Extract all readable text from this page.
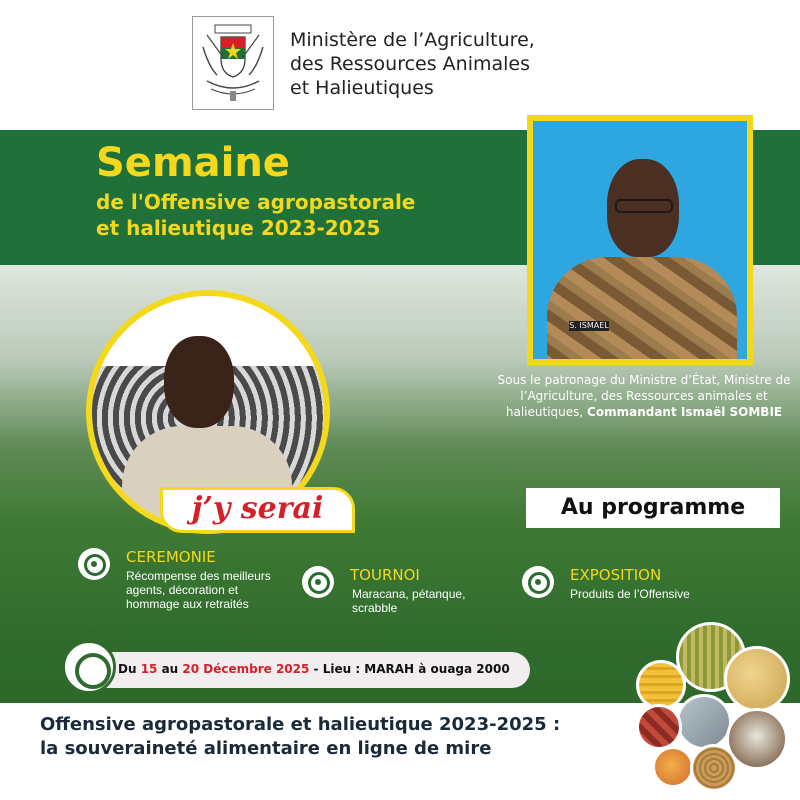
Ministère de l’Agriculture,
des Ressources Animales
et Halieutiques
Semaine
de l'Offensive agropastorale
et halieutique 2023-2025
S. ISMAEL
Sous le patronage du Ministre d’État, Ministre de l’Agriculture, des Ressources animales et halieutiques, Commandant Ismaël SOMBIE
j’y serai	Au programme
CEREMONIE
Récompense des meilleurs
agents, décoration et
hommage aux retraités
TOURNOI
Maracana, pétanque,
scrabble
EXPOSITION
Produits de l’Offensive
Du 15 au 20 Décembre 2025 - Lieu : MARAH à ouaga 2000
Offensive agropastorale et halieutique 2023-2025 :
la souveraineté alimentaire en ligne de mire
